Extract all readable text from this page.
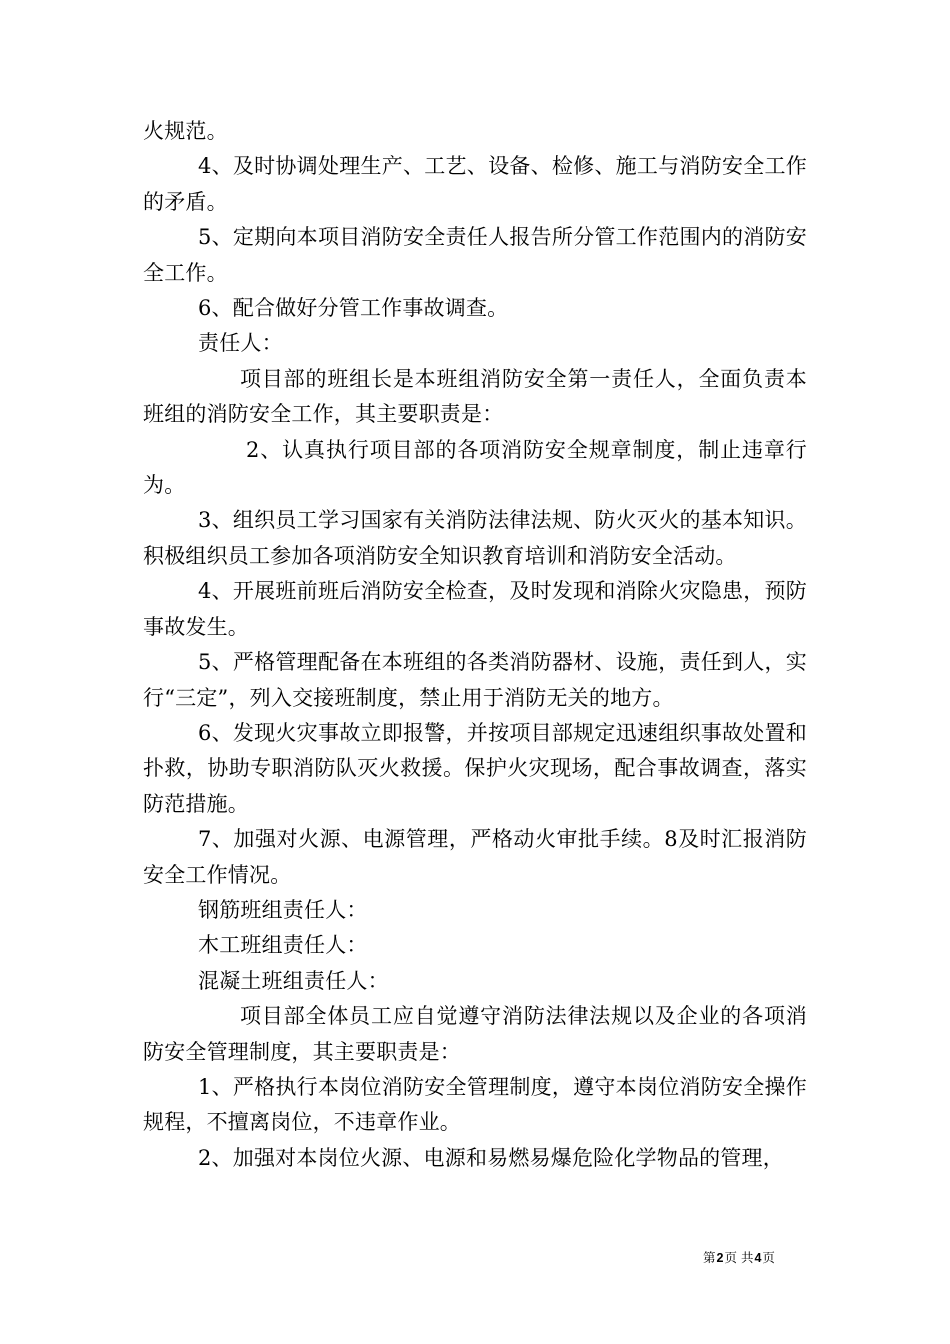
火规范。

4、及时协调处理生产、工艺、设备、检修、施工与消防安全工作的矛盾。

5、定期向本项目消防安全责任人报告所分管工作范围内的消防安全工作。

6、配合做好分管工作事故调查。

责任人：

项目部的班组长是本班组消防安全第一责任人，全面负责本班组的消防安全工作，其主要职责是：

2、认真执行项目部的各项消防安全规章制度，制止违章行为。

3、组织员工学习国家有关消防法律法规、防火灭火的基本知识。积极组织员工参加各项消防安全知识教育培训和消防安全活动。

4、开展班前班后消防安全检查，及时发现和消除火灾隐患，预防事故发生。

5、严格管理配备在本班组的各类消防器材、设施，责任到人，实行“三定”，列入交接班制度，禁止用于消防无关的地方。

6、发现火灾事故立即报警，并按项目部规定迅速组织事故处置和扑救，协助专职消防队灭火救援。保护火灾现场，配合事故调查，落实防范措施。

7、加强对火源、电源管理，严格动火审批手续。8及时汇报消防安全工作情况。

钢筋班组责任人：

木工班组责任人：

混凝土班组责任人：

项目部全体员工应自觉遵守消防法律法规以及企业的各项消防安全管理制度，其主要职责是：

1、严格执行本岗位消防安全管理制度，遵守本岗位消防安全操作规程，不擅离岗位，不违章作业。

2、加强对本岗位火源、电源和易燃易爆危险化学物品的管理，

第2页 共4页
